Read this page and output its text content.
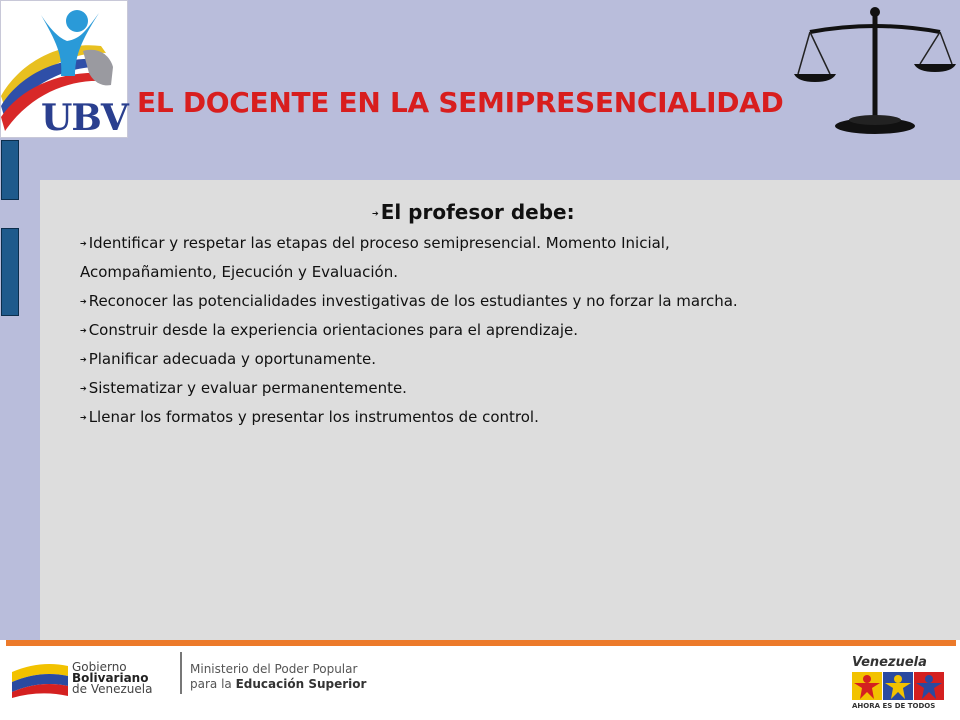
UBV EL DOCENTE EN LA SEMIPRESENCIALIDAD
➔ El profesor debe:
➔ Identificar y respetar las etapas del proceso semipresencial. Momento Inicial,
Acompañamiento, Ejecución y Evaluación.
➔ Reconocer las potencialidades investigativas de los estudiantes y no forzar la marcha.
➔ Construir desde la experiencia orientaciones para el aprendizaje.
➔ Planificar adecuada y oportunamente.
➔ Sistematizar y evaluar permanentemente.
➔ Llenar los formatos y presentar los instrumentos de control.
Gobierno
Bolivariano
de Venezuela
Ministerio del Poder Popular
para la Educación Superior
Venezuela
AHORA ES DE TODOS
